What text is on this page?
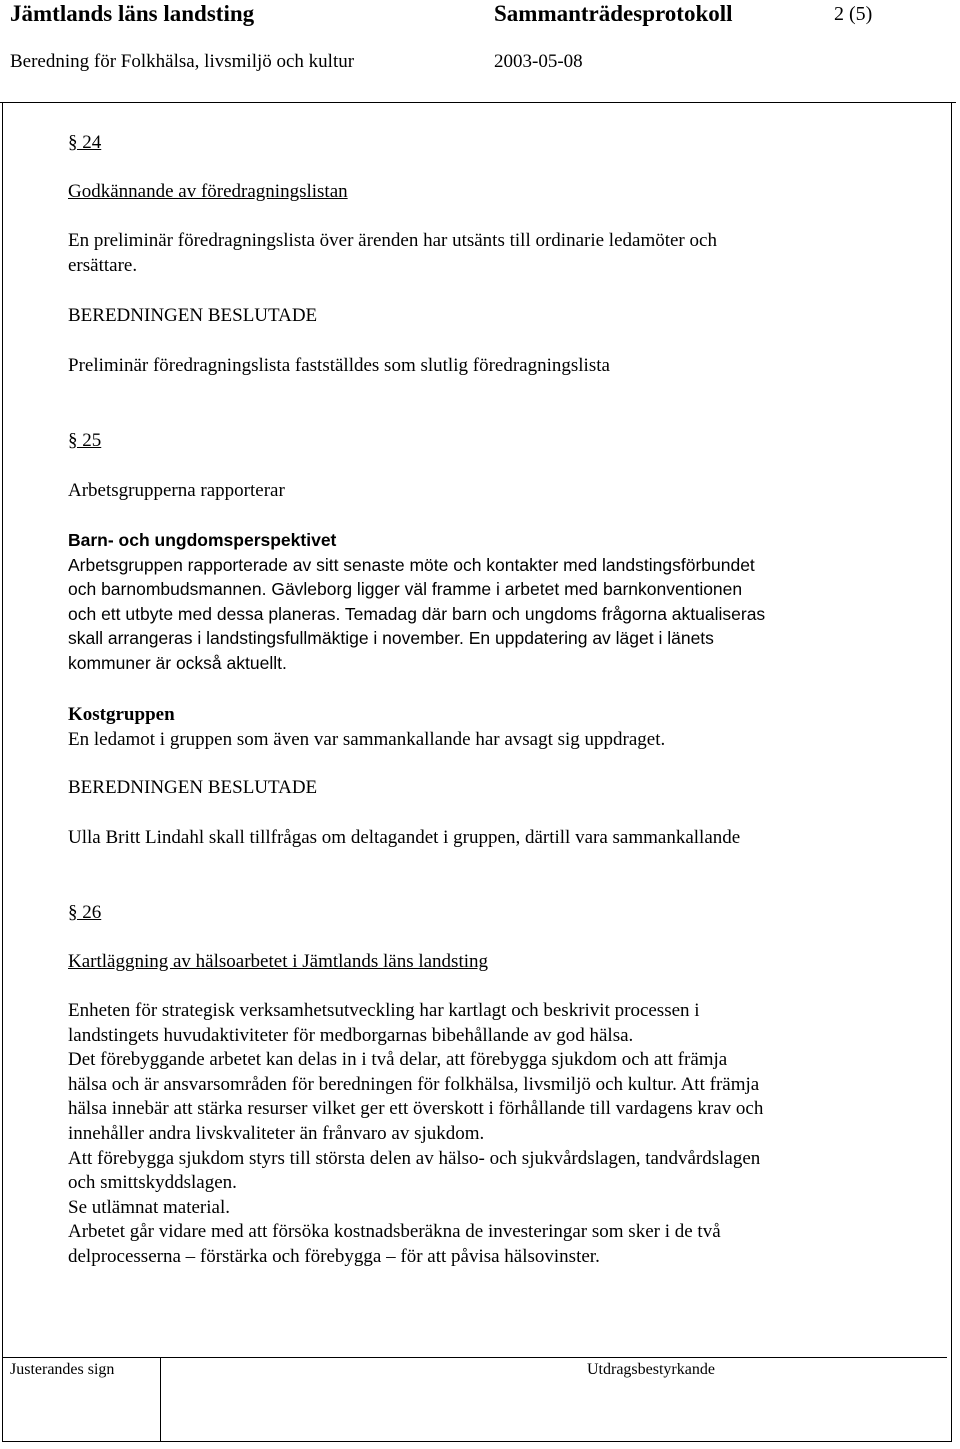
Jämtlands läns landsting	Sammanträdesprotokoll	2 (5)
Beredning för Folkhälsa, livsmiljö och kultur	2003-05-08
§ 24
Godkännande av föredragningslistan

En preliminär föredragningslista över ärenden har utsänts till ordinarie ledamöter och

ersättare.

BEREDNINGEN BESLUTADE
Preliminär föredragningslista fastställdes som slutlig föredragningslista
§ 25
Arbetsgrupperna rapporterar

Barn- och ungdomsperspektivet

Arbetsgruppen rapporterade av sitt senaste möte och kontakter med landstingsförbundet

och barnombudsmannen. Gävleborg ligger väl framme i arbetet med barnkonventionen

och ett utbyte med dessa planeras. Temadag där barn och ungdoms frågorna aktualiseras

skall arrangeras i landstingsfullmäktige i november. En uppdatering av läget i länets

kommuner är också aktuellt.

Kostgruppen

En ledamot i gruppen som även var sammankallande har avsagt sig uppdraget.

BEREDNINGEN BESLUTADE
Ulla Britt Lindahl skall tillfrågas om deltagandet i gruppen, därtill vara sammankallande
§ 26
Kartläggning av hälsoarbetet i Jämtlands läns landsting

Enheten för strategisk verksamhetsutveckling har kartlagt och beskrivit processen i

landstingets huvudaktiviteter för medborgarnas bibehållande av god hälsa.

Det förebyggande arbetet kan delas in i två delar, att förebygga sjukdom och att främja

hälsa och är ansvarsområden för beredningen för folkhälsa, livsmiljö och kultur. Att främja

hälsa innebär att stärka resurser vilket ger ett överskott i förhållande till vardagens krav och

innehåller andra livskvaliteter än frånvaro av sjukdom.

Att förebygga sjukdom styrs till största delen av hälso- och sjukvårdslagen, tandvårdslagen

och smittskyddslagen.

Se utlämnat material.

Arbetet går vidare med att försöka kostnadsberäkna de investeringar som sker i de två

delprocesserna – förstärka och förebygga – för att påvisa hälsovinster.

Justerandes sign	Utdragsbestyrkande
